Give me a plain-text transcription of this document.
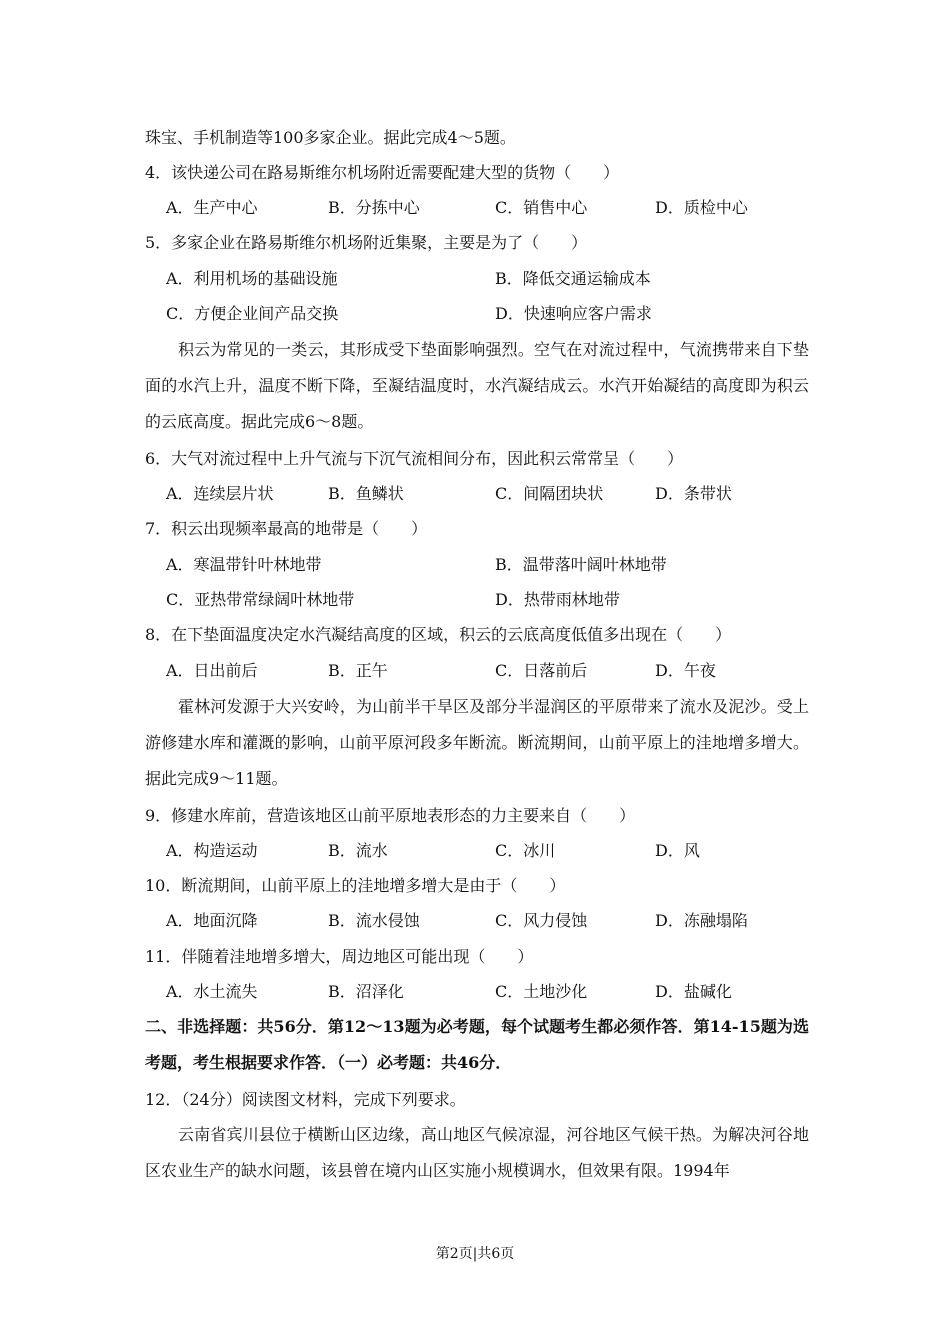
珠宝、手机制造等100多家企业。据此完成4～5题。
4．该快递公司在路易斯维尔机场附近需要配建大型的货物（　　）
A．生产中心	B．分拣中心	C．销售中心	D．质检中心
5．多家企业在路易斯维尔机场附近集聚，主要是为了（　　）
A．利用机场的基础设施	B．降低交通运输成本
C．方便企业间产品交换	D．快速响应客户需求
积云为常见的一类云，其形成受下垫面影响强烈。空气在对流过程中，气流携带来自下垫面的水汽上升，温度不断下降，至凝结温度时，水汽凝结成云。水汽开始凝结的高度即为积云的云底高度。据此完成6～8题。
6．大气对流过程中上升气流与下沉气流相间分布，因此积云常常呈（　　）
A．连续层片状	B．鱼鳞状	C．间隔团块状	D．条带状
7．积云出现频率最高的地带是（　　）
A．寒温带针叶林地带	B．温带落叶阔叶林地带
C．亚热带常绿阔叶林地带	D．热带雨林地带
8．在下垫面温度决定水汽凝结高度的区域，积云的云底高度低值多出现在（　　）
A．日出前后	B．正午	C．日落前后	D．午夜
霍林河发源于大兴安岭，为山前半干旱区及部分半湿润区的平原带来了流水及泥沙。受上游修建水库和灌溉的影响，山前平原河段多年断流。断流期间，山前平原上的洼地增多增大。据此完成9～11题。
9．修建水库前，营造该地区山前平原地表形态的力主要来自（　　）
A．构造运动	B．流水	C．冰川	D．风
10．断流期间，山前平原上的洼地增多增大是由于（　　）
A．地面沉降	B．流水侵蚀	C．风力侵蚀	D．冻融塌陷
11．伴随着洼地增多增大，周边地区可能出现（　　）
A．水土流失	B．沼泽化	C．土地沙化	D．盐碱化
二、非选择题：共56分．第12～13题为必考题，每个试题考生都必须作答．第14-15题为选考题，考生根据要求作答．（一）必考题：共46分．
12．（24分）阅读图文材料，完成下列要求。
云南省宾川县位于横断山区边缘，高山地区气候凉湿，河谷地区气候干热。为解决河谷地区农业生产的缺水问题，该县曾在境内山区实施小规模调水，但效果有限。1994年
第2页|共6页
